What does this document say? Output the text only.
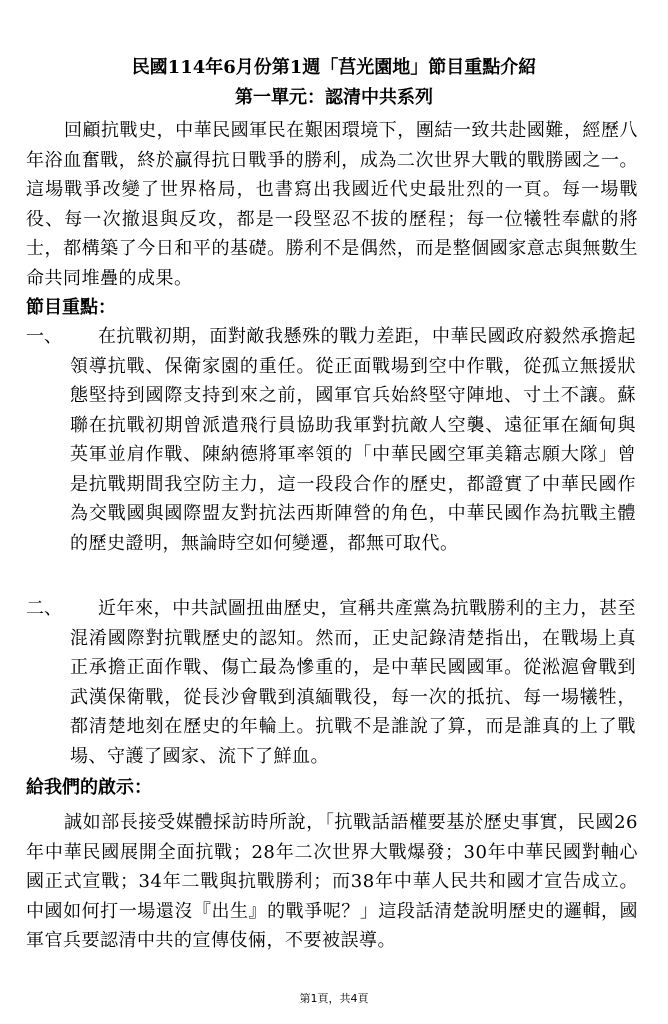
民國114年6月份第1週「莒光園地」節目重點介紹
第一單元：認清中共系列
回顧抗戰史，中華民國軍民在艱困環境下，團結一致共赴國難，經歷八年浴血奮戰，終於贏得抗日戰爭的勝利，成為二次世界大戰的戰勝國之一。這場戰爭改變了世界格局，也書寫出我國近代史最壯烈的一頁。每一場戰役、每一次撤退與反攻，都是一段堅忍不拔的歷程；每一位犧牲奉獻的將士，都構築了今日和平的基礎。勝利不是偶然，而是整個國家意志與無數生命共同堆疊的成果。
節目重點：
一、	在抗戰初期，面對敵我懸殊的戰力差距，中華民國政府毅然承擔起領導抗戰、保衛家園的重任。從正面戰場到空中作戰，從孤立無援狀態堅持到國際支持到來之前，國軍官兵始終堅守陣地、寸土不讓。蘇聯在抗戰初期曾派遣飛行員協助我軍對抗敵人空襲、遠征軍在緬甸與英軍並肩作戰、陳納德將軍率領的「中華民國空軍美籍志願大隊」曾是抗戰期間我空防主力，這一段段合作的歷史，都證實了中華民國作為交戰國與國際盟友對抗法西斯陣營的角色，中華民國作為抗戰主體的歷史證明，無論時空如何變遷，都無可取代。
二、	近年來，中共試圖扭曲歷史，宣稱共產黨為抗戰勝利的主力，甚至混淆國際對抗戰歷史的認知。然而，正史記錄清楚指出，在戰場上真正承擔正面作戰、傷亡最為慘重的，是中華民國國軍。從淞滬會戰到武漢保衛戰，從長沙會戰到滇緬戰役，每一次的抵抗、每一場犧牲，都清楚地刻在歷史的年輪上。抗戰不是誰說了算，而是誰真的上了戰場、守護了國家、流下了鮮血。
給我們的啟示：
誠如部長接受媒體採訪時所說，「抗戰話語權要基於歷史事實，民國26年中華民國展開全面抗戰；28年二次世界大戰爆發；30年中華民國對軸心國正式宣戰；34年二戰與抗戰勝利；而38年中華人民共和國才宣告成立。中國如何打一場還沒『出生』的戰爭呢？」這段話清楚說明歷史的邏輯，國軍官兵要認清中共的宣傳伎倆，不要被誤導。
第1頁，共4頁
